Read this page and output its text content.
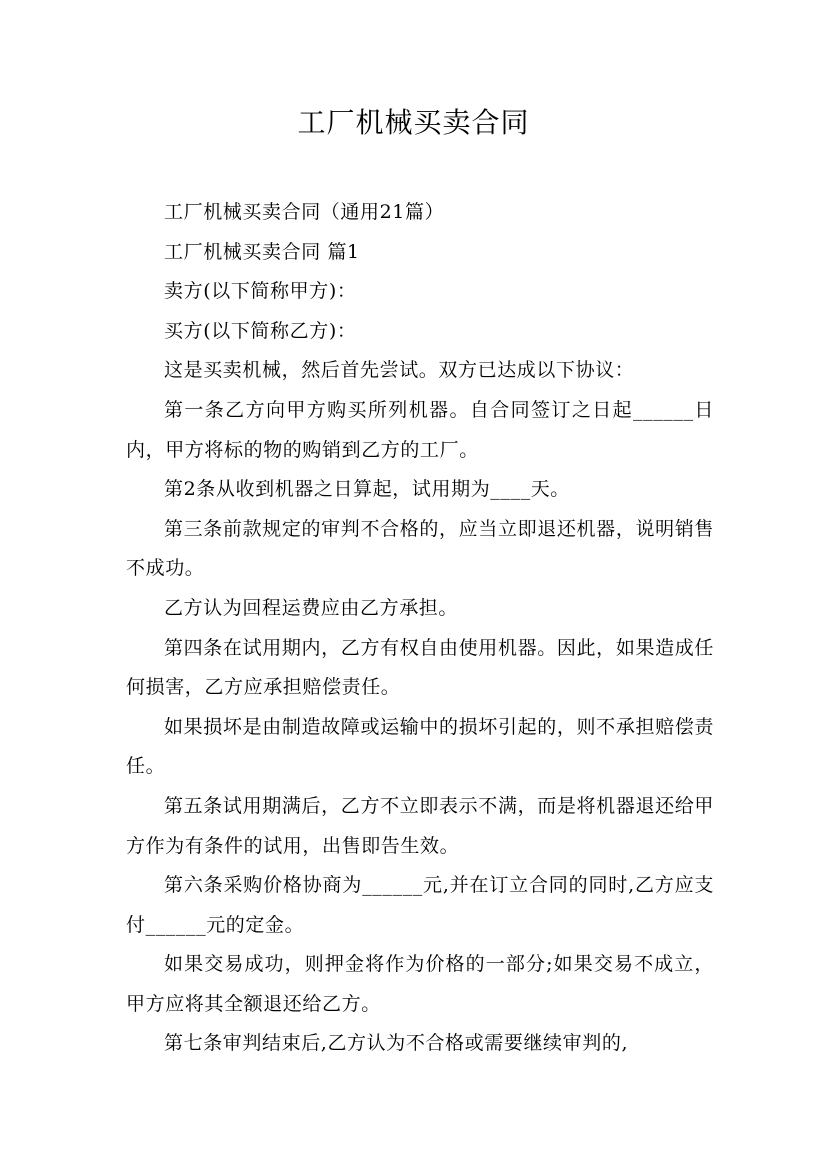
工厂机械买卖合同

工厂机械买卖合同（通用21篇）

工厂机械买卖合同 篇1

卖方(以下简称甲方)：

买方(以下简称乙方)：

这是买卖机械，然后首先尝试。双方已达成以下协议：

第一条乙方向甲方购买所列机器。自合同签订之日起______日内，甲方将标的物的购销到乙方的工厂。

第2条从收到机器之日算起，试用期为____天。

第三条前款规定的审判不合格的，应当立即退还机器，说明销售不成功。

乙方认为回程运费应由乙方承担。

第四条在试用期内，乙方有权自由使用机器。因此，如果造成任何损害，乙方应承担赔偿责任。

如果损坏是由制造故障或运输中的损坏引起的，则不承担赔偿责任。

第五条试用期满后，乙方不立即表示不满，而是将机器退还给甲方作为有条件的试用，出售即告生效。

第六条采购价格协商为______元,并在订立合同的同时,乙方应支付______元的定金。

如果交易成功，则押金将作为价格的一部分;如果交易不成立，甲方应将其全额退还给乙方。

第七条审判结束后,乙方认为不合格或需要继续审判的,
